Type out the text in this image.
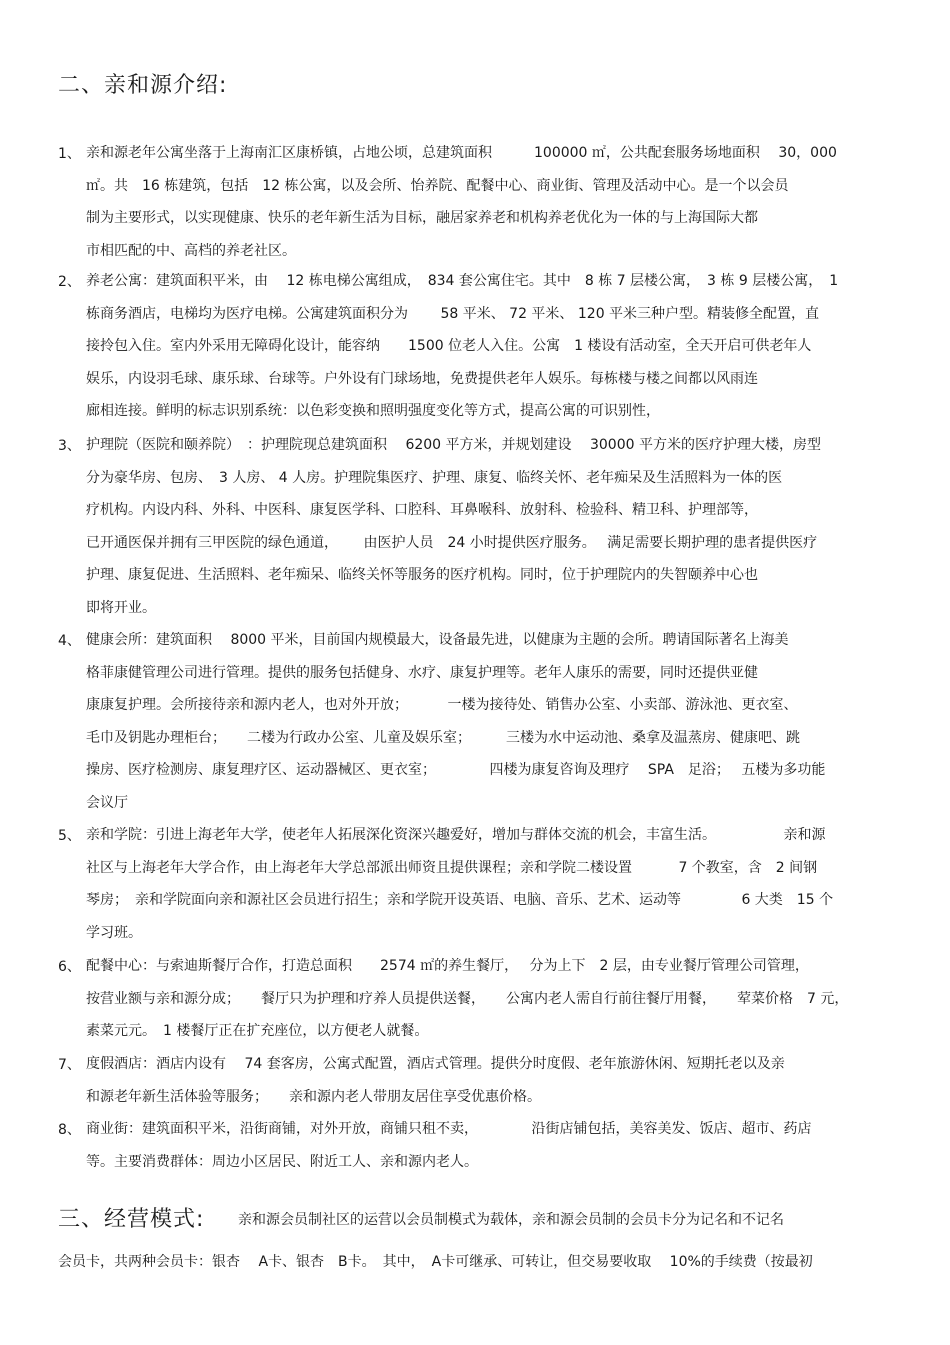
二、亲和源介绍:
1、 亲和源老年公寓坐落于上海南汇区康桥镇，占地公顷，总建筑面积　　　100000 ㎡，公共配套服务场地面积　 30，000
㎡。共　16 栋建筑，包括　12 栋公寓，以及会所、怡养院、配餐中心、商业街、管理及活动中心。是一个以会员
制为主要形式，以实现健康、快乐的老年新生活为目标，融居家养老和机构养老优化为一体的与上海国际大都
市相匹配的中、高档的养老社区。
2、 养老公寓：建筑面积平米，由　 12 栋电梯公寓组成，　834 套公寓住宅。其中　8 栋 7 层楼公寓，　3 栋 9 层楼公寓，　1
栋商务酒店，电梯均为医疗电梯。公寓建筑面积分为　　 58 平米、 72 平米、 120 平米三种户型。精装修全配置，直
接拎包入住。室内外采用无障碍化设计，能容纳　　1500 位老人入住。公寓　1 楼设有活动室，全天开启可供老年人
娱乐，内设羽毛球、康乐球、台球等。户外设有门球场地，免费提供老年人娱乐。每栋楼与楼之间都以风雨连
廊相连接。鲜明的标志识别系统：以色彩变换和照明强度变化等方式，提高公寓的可识别性，
3、 护理院（医院和颐养院）　：护理院现总建筑面积　 6200 平方米，并规划建设　 30000 平方米的医疗护理大楼，房型
分为豪华房、包房、　3 人房、 4 人房。护理院集医疗、护理、康复、临终关怀、老年痴呆及生活照料为一体的医
疗机构。内设内科、外科、中医科、康复医学科、口腔科、耳鼻喉科、放射科、检验科、精卫科、护理部等，
已开通医保并拥有三甲医院的绿色通道，　　 由医护人员　24 小时提供医疗服务。　 满足需要长期护理的患者提供医疗
护理、康复促进、生活照料、老年痴呆、临终关怀等服务的医疗机构。同时，位于护理院内的失智颐养中心也
即将开业。
4、 健康会所：建筑面积　 8000 平米，目前国内规模最大，设备最先进，以健康为主题的会所。聘请国际著名上海美
格菲康健管理公司进行管理。提供的服务包括健身、水疗、康复护理等。老年人康乐的需要，同时还提供亚健
康康复护理。会所接待亲和源内老人，也对外开放；　　　 一楼为接待处、销售办公室、小卖部、游泳池、更衣室、
毛巾及钥匙办理柜台；　　二楼为行政办公室、儿童及娱乐室；　　　三楼为水中运动池、桑拿及温蒸房、健康吧、跳
操房、医疗检测房、康复理疗区、运动器械区、更衣室；　　　　 四楼为康复咨询及理疗　 SPA　足浴；　 五楼为多功能
会议厅
5、 亲和学院：引进上海老年大学，使老年人拓展深化资深兴趣爱好，增加与群体交流的机会，丰富生活。　　　　　 亲和源
社区与上海老年大学合作，由上海老年大学总部派出师资且提供课程；亲和学院二楼设置　　　 7 个教室，含　2 间钢
琴房；　亲和学院面向亲和源社区会员进行招生；亲和学院开设英语、电脑、音乐、艺术、运动等　　　　 6 大类　15 个
学习班。
6、 配餐中心：与索迪斯餐厅合作，打造总面积　　2574 ㎡的养生餐厅，　 分为上下　2 层，由专业餐厅管理公司管理，
按营业额与亲和源分成；　　餐厅只为护理和疗养人员提供送餐，　　公寓内老人需自行前往餐厅用餐，　　荤菜价格　7 元，
素菜元元。　1 楼餐厅正在扩充座位，以方便老人就餐。
7、 度假酒店：酒店内设有　 74 套客房，公寓式配置，酒店式管理。提供分时度假、老年旅游休闲、短期托老以及亲
和源老年新生活体验等服务；　　亲和源内老人带朋友居住享受优惠价格。
8、 商业街：建筑面积平米，沿街商铺，对外开放，商铺只租不卖，　　　　 沿街店铺包括，美容美发、饭店、超市、药店
等。主要消费群体：周边小区居民、附近工人、亲和源内老人。
三、经营模式: 亲和源会员制社区的运营以会员制模式为载体，亲和源会员制的会员卡分为记名和不记名
会员卡，共两种会员卡：银杏　 A卡、银杏　B卡。　其中，　A卡可继承、可转让，但交易要收取　 10%的手续费（按最初
